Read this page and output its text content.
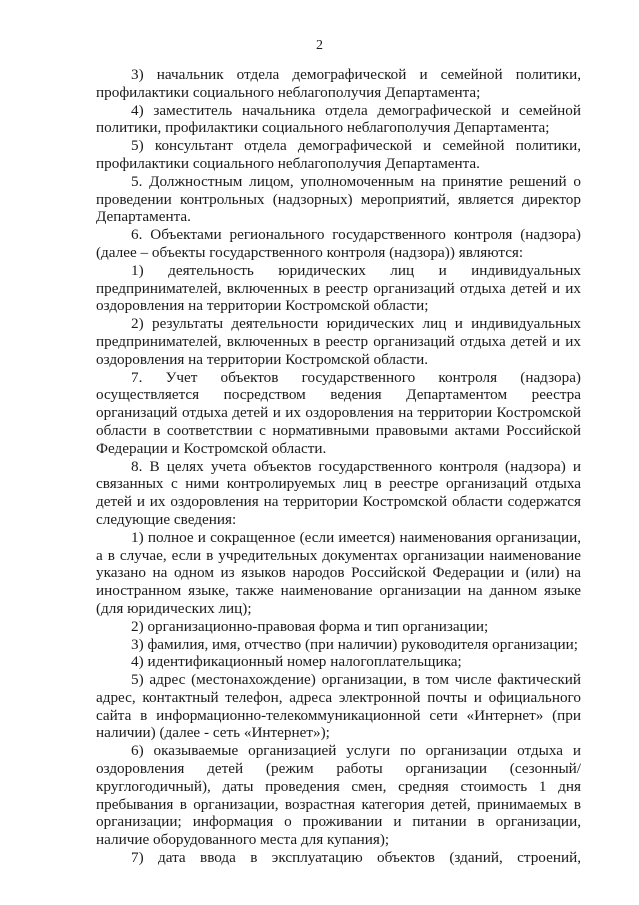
2

3) начальник отдела демографической и семейной политики, профилактики социального неблагополучия Департамента;

4) заместитель начальника отдела демографической и семейной политики, профилактики социального неблагополучия Департамента;

5) консультант отдела демографической и семейной политики, профилактики социального неблагополучия Департамента.

5. Должностным лицом, уполномоченным на принятие решений о проведении контрольных (надзорных) мероприятий, является директор Департамента.

6. Объектами регионального государственного контроля (надзора) (далее – объекты государственного контроля (надзора)) являются:

1) деятельность юридических лиц и индивидуальных предпринимателей, включенных в реестр организаций отдыха детей и их оздоровления на территории Костромской области;

2) результаты деятельности юридических лиц и индивидуальных предпринимателей, включенных в реестр организаций отдыха детей и их оздоровления на территории Костромской области.

7. Учет объектов государственного контроля (надзора) осуществляется посредством ведения Департаментом реестра организаций отдыха детей и их оздоровления на территории Костромской области в соответствии с нормативными правовыми актами Российской Федерации и Костромской области.

8. В целях учета объектов государственного контроля (надзора) и связанных с ними контролируемых лиц в реестре организаций отдыха детей и их оздоровления на территории Костромской области содержатся следующие сведения:

1) полное и сокращенное (если имеется) наименования организации, а в случае, если в учредительных документах организации наименование указано на одном из языков народов Российской Федерации и (или) на иностранном языке, также наименование организации на данном языке (для юридических лиц);

2) организационно-правовая форма и тип организации;

3) фамилия, имя, отчество (при наличии) руководителя организации;

4) идентификационный номер налогоплательщика;

5) адрес (местонахождение) организации, в том числе фактический адрес, контактный телефон, адреса электронной почты и официального сайта в информационно-телекоммуникационной сети «Интернет» (при наличии) (далее - сеть «Интернет»);

6) оказываемые организацией услуги по организации отдыха и оздоровления детей (режим работы организации (сезонный/круглогодичный), даты проведения смен, средняя стоимость 1 дня пребывания в организации, возрастная категория детей, принимаемых в организации; информация о проживании и питании в организации, наличие оборудованного места для купания);

7) дата ввода в эксплуатацию объектов (зданий, строений,
